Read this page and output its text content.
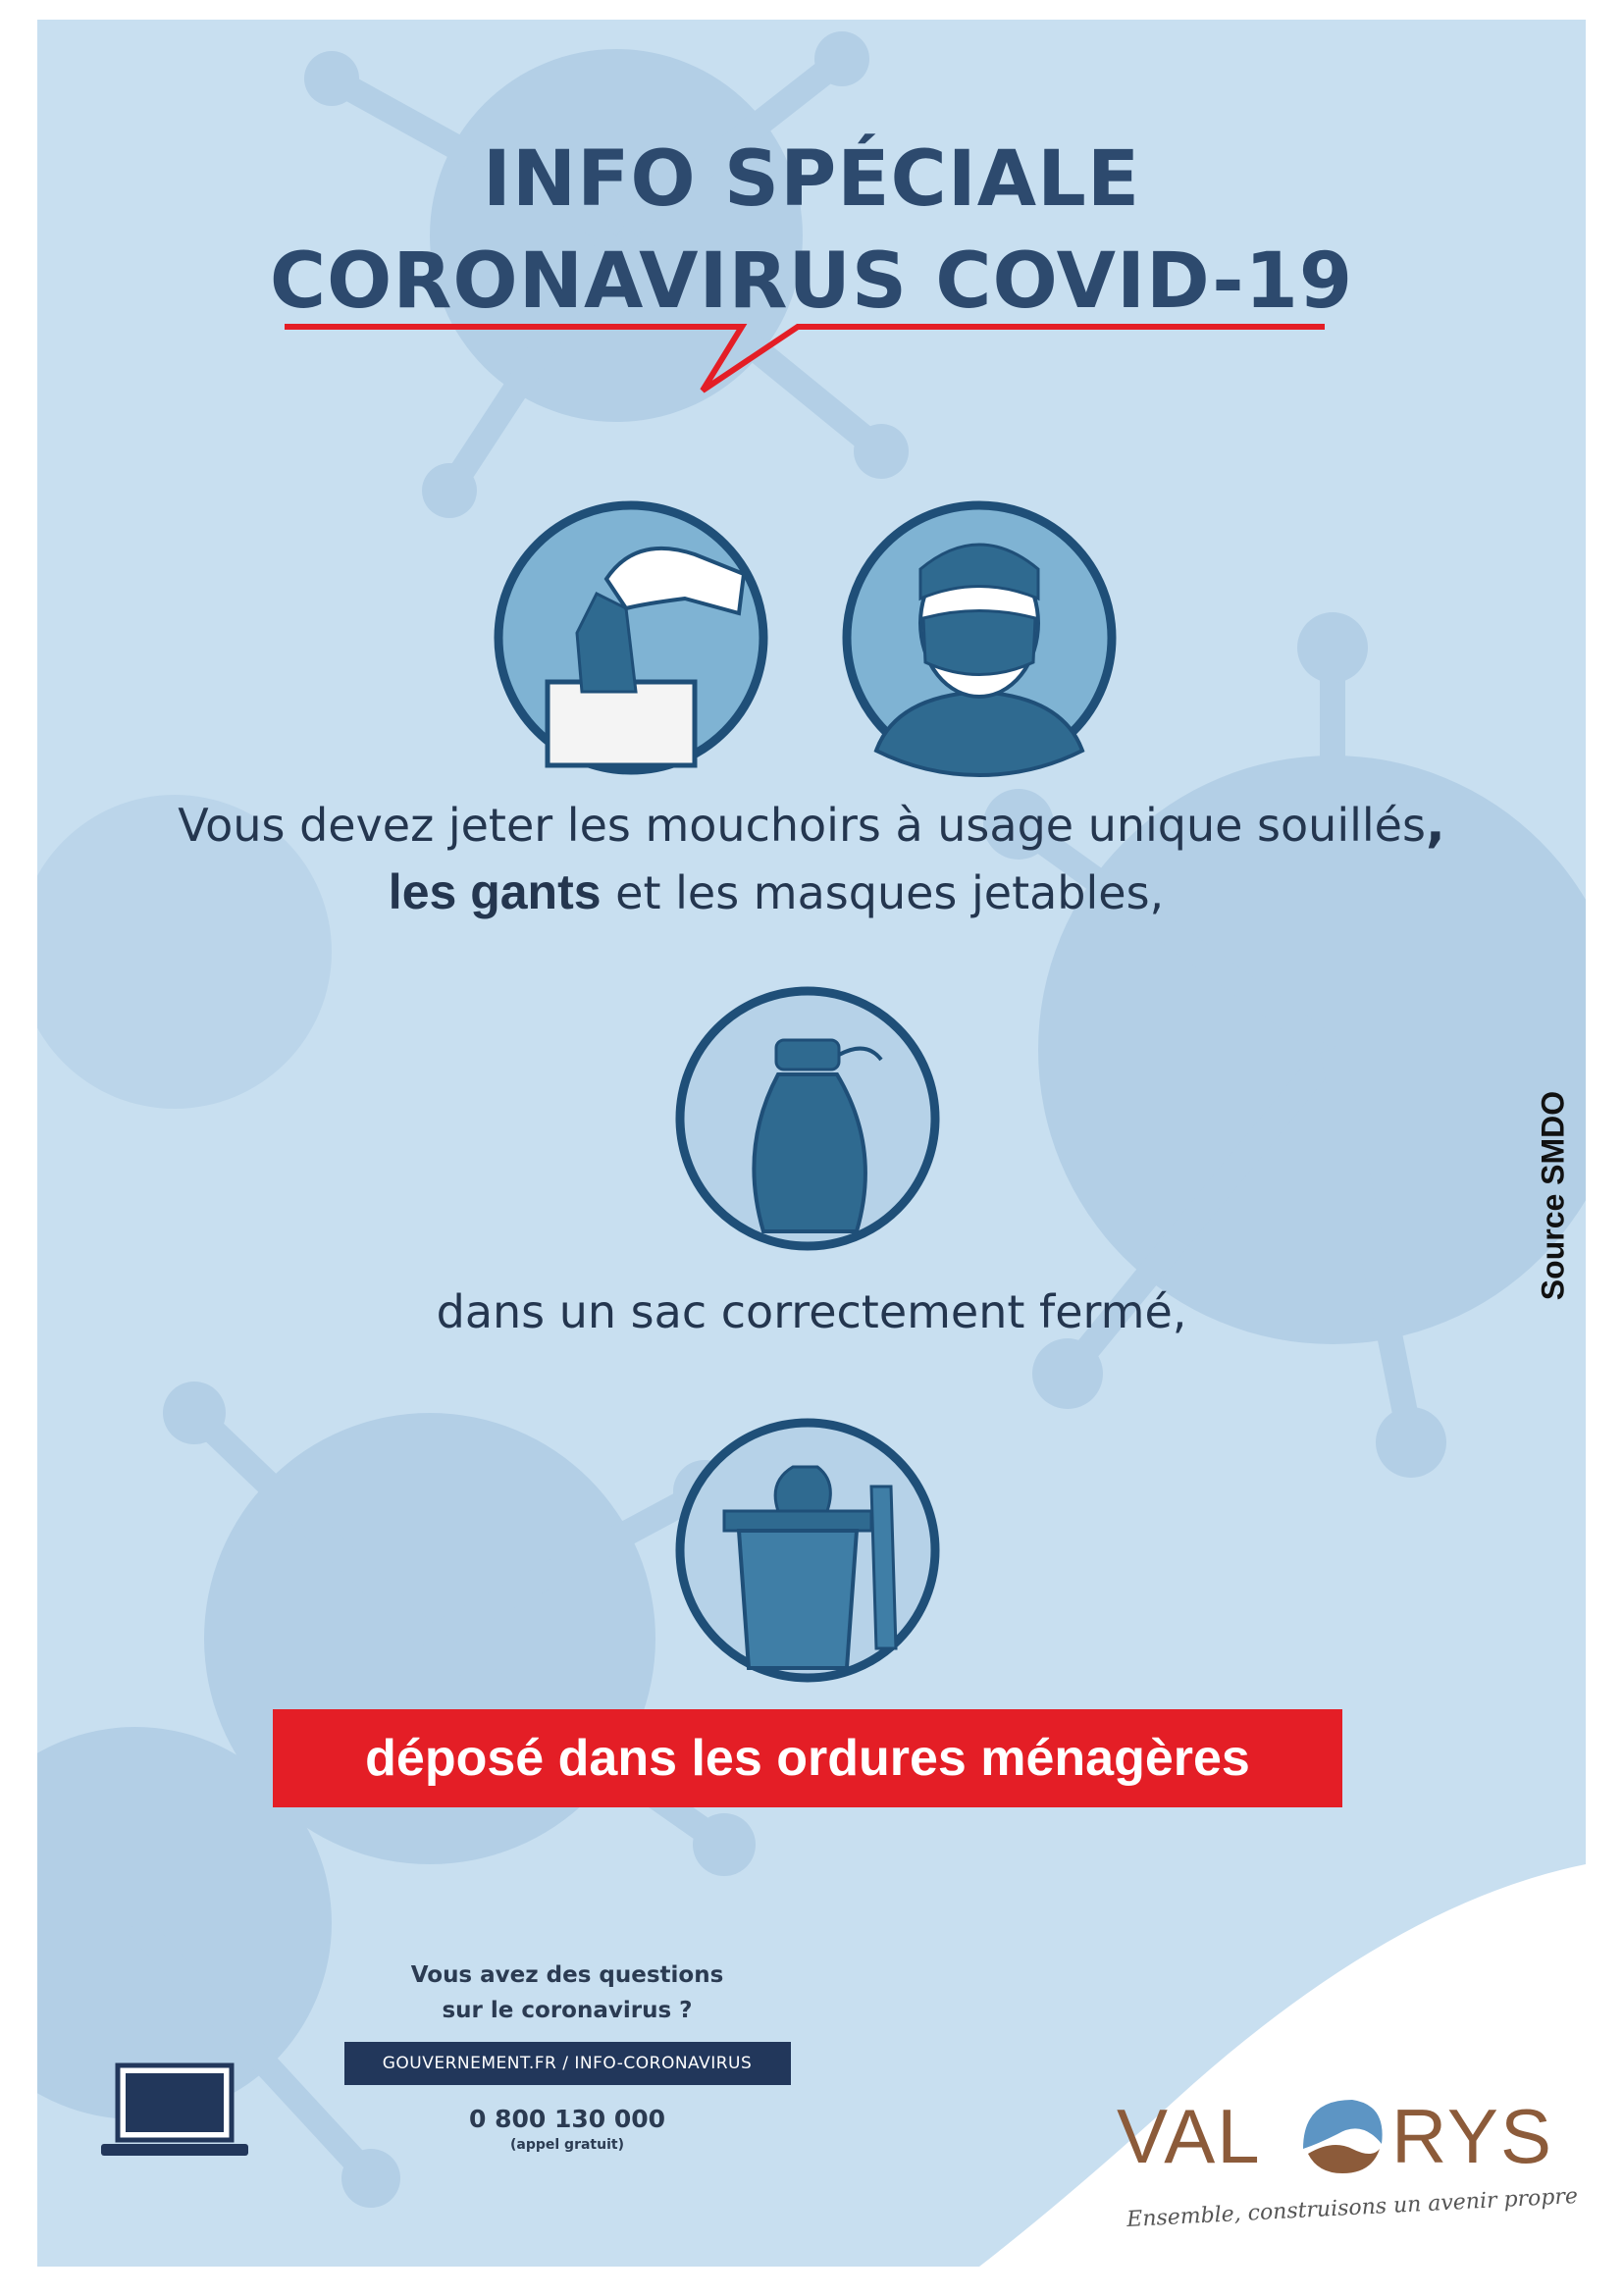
INFO SPÉCIALE
CORONAVIRUS COVID-19
Vous devez jeter les mouchoirs à usage unique souillés,
les gants et les masques jetables,
dans un sac correctement fermé,
déposé dans les ordures ménagères
Source SMDO
Vous avez des questions
sur le coronavirus ?
GOUVERNEMENT.FR / INFO-CORONAVIRUS
0 800 130 000
(appel gratuit)	VAL RYS
Ensemble, construisons un avenir propre
